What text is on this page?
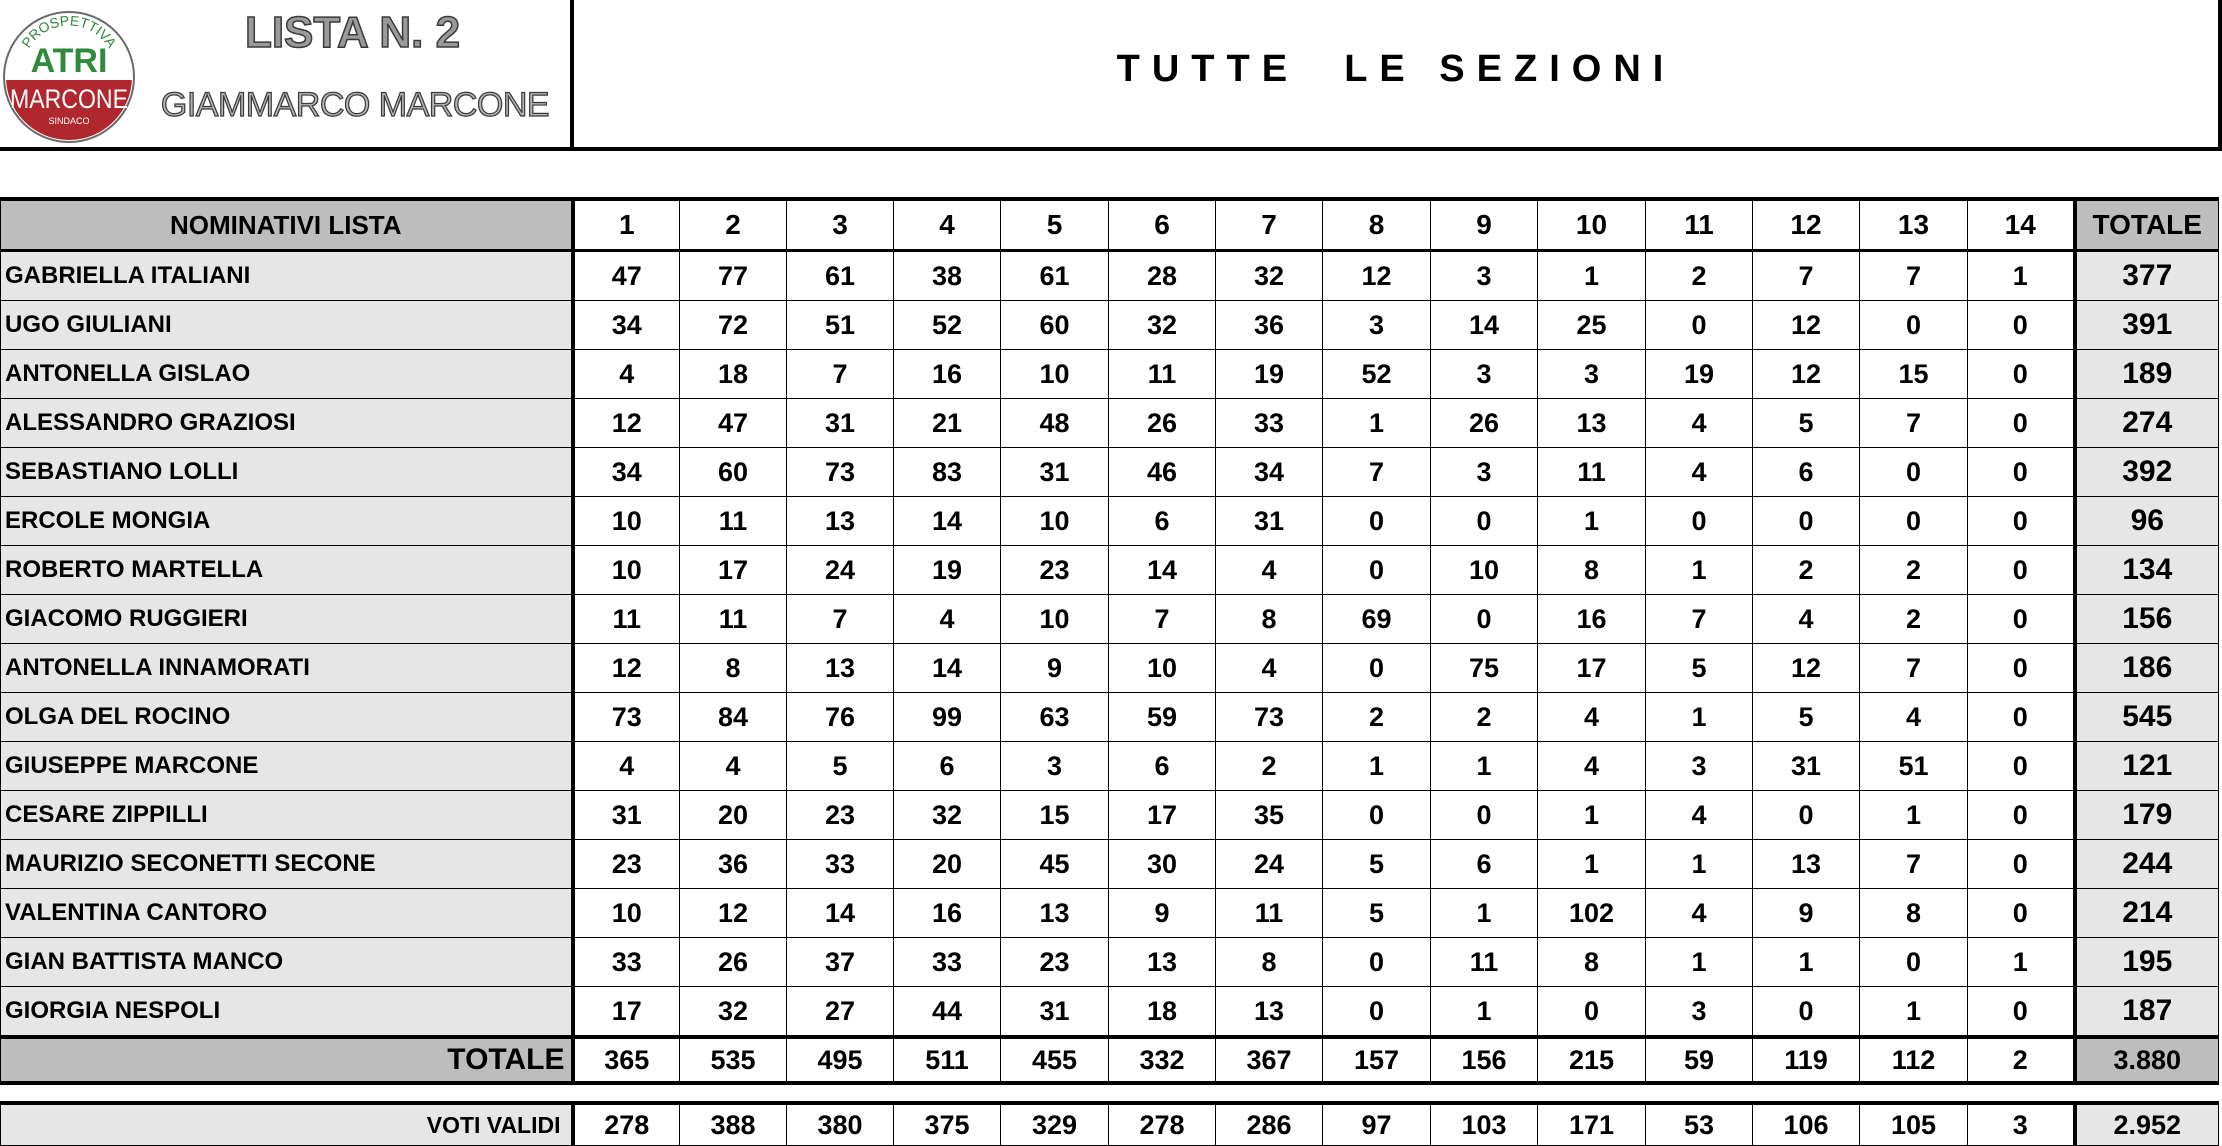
PROSPETTIVA
ATRI
MARCONE
SINDACO
LISTA N. 2
GIAMMARCO MARCONE
TUTTE  LE SEZIONI
NOMINATIVI LISTA	1	2	3	4	5	6	7	8	9	10	11	12	13	14	TOTALE
GABRIELLA ITALIANI	47	77	61	38	61	28	32	12	3	1	2	7	7	1	377
UGO GIULIANI	34	72	51	52	60	32	36	3	14	25	0	12	0	0	391
ANTONELLA GISLAO	4	18	7	16	10	11	19	52	3	3	19	12	15	0	189
ALESSANDRO GRAZIOSI	12	47	31	21	48	26	33	1	26	13	4	5	7	0	274
SEBASTIANO LOLLI	34	60	73	83	31	46	34	7	3	11	4	6	0	0	392
ERCOLE MONGIA	10	11	13	14	10	6	31	0	0	1	0	0	0	0	96
ROBERTO MARTELLA	10	17	24	19	23	14	4	0	10	8	1	2	2	0	134
GIACOMO RUGGIERI	11	11	7	4	10	7	8	69	0	16	7	4	2	0	156
ANTONELLA INNAMORATI	12	8	13	14	9	10	4	0	75	17	5	12	7	0	186
OLGA DEL ROCINO	73	84	76	99	63	59	73	2	2	4	1	5	4	0	545
GIUSEPPE MARCONE	4	4	5	6	3	6	2	1	1	4	3	31	51	0	121
CESARE ZIPPILLI	31	20	23	32	15	17	35	0	0	1	4	0	1	0	179
MAURIZIO SECONETTI SECONE	23	36	33	20	45	30	24	5	6	1	1	13	7	0	244
VALENTINA CANTORO	10	12	14	16	13	9	11	5	1	102	4	9	8	0	214
GIAN BATTISTA MANCO	33	26	37	33	23	13	8	0	11	8	1	1	0	1	195
GIORGIA NESPOLI	17	32	27	44	31	18	13	0	1	0	3	0	1	0	187
TOTALE	365	535	495	511	455	332	367	157	156	215	59	119	112	2	3.880
VOTI VALIDI	278	388	380	375	329	278	286	97	103	171	53	106	105	3	2.952
